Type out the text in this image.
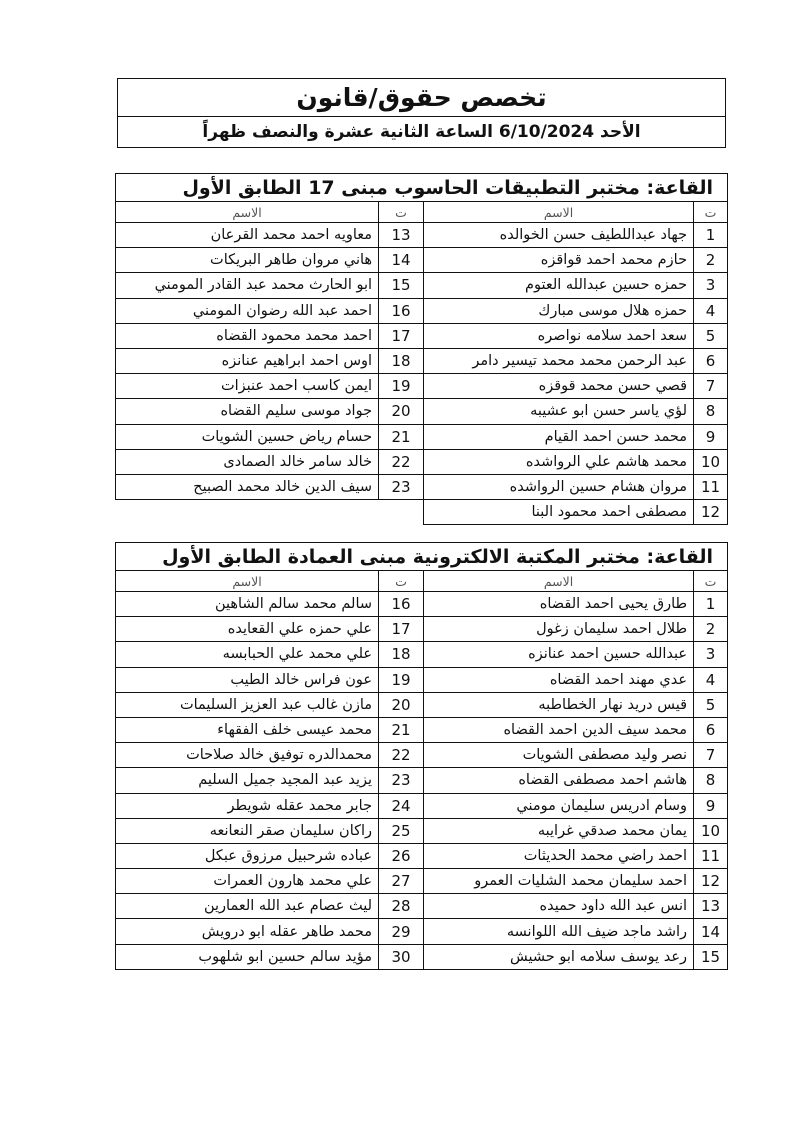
تخصص حقوق/قانون
الأحد 6/10/2024 الساعة الثانية عشرة والنصف ظهراً
القاعة: مختبر التطبيقات الحاسوب مبنى 17 الطابق الأول			
ت	الاسم	ت	الاسم
1	جهاد عبداللطيف حسن الخوالده	13	معاويه احمد محمد القرعان
2	حازم محمد احمد قواقزه	14	هاني مروان طاهر البريكات
3	حمزه حسين عبدالله العتوم	15	ابو الحارث محمد عبد القادر المومني
4	حمزه هلال موسى مبارك	16	احمد عبد الله رضوان المومني
5	سعد احمد سلامه نواصره	17	احمد محمد محمود القضاه
6	عبد الرحمن محمد محمد تيسير دامر	18	اوس احمد ابراهيم عنانزه
7	قصي حسن محمد قوقزه	19	ايمن كاسب احمد عنبزات
8	لؤي ياسر حسن ابو عشيبه	20	جواد موسى سليم القضاه
9	محمد حسن احمد القيام	21	حسام رياض حسين الشويات
10	محمد هاشم علي الرواشده	22	خالد سامر خالد الصمادى
11	مروان هشام حسين الرواشده	23	سيف الدين خالد محمد الصبيح
12	مصطفى احمد محمود البنا		
القاعة: مختبر المكتبة الالكترونية مبنى العمادة الطابق الأول			
ت	الاسم	ت	الاسم
1	طارق يحيى احمد القضاه	16	سالم محمد سالم الشاهين
2	طلال احمد سليمان زغول	17	علي حمزه علي القعايده
3	عبدالله حسين احمد عنانزه	18	علي محمد علي الحبابسه
4	عدي مهند احمد القضاه	19	عون فراس خالد الطيب
5	قيس دريد نهار الخطاطبه	20	مازن غالب عبد العزيز السليمات
6	محمد سيف الدين احمد القضاه	21	محمد عيسى خلف الفقهاء
7	نصر وليد مصطفى الشويات	22	محمدالدره توفيق خالد صلاحات
8	هاشم احمد مصطفى القضاه	23	يزيد عبد المجيد جميل السليم
9	وسام ادريس سليمان مومني	24	جابر محمد عقله شويطر
10	يمان محمد صدقي غرايبه	25	راكان سليمان صقر النعانعه
11	احمد راضي محمد الحديثات	26	عباده شرحبيل مرزوق عبكل
12	احمد سليمان محمد الشليات العمرو	27	علي محمد هارون العمرات
13	انس عبد الله داود حميده	28	ليث عصام عبد الله العمارين
14	راشد ماجد ضيف الله اللوانسه	29	محمد طاهر عقله ابو درويش
15	رعد يوسف سلامه ابو حشيش	30	مؤيد سالم حسين ابو شلهوب
